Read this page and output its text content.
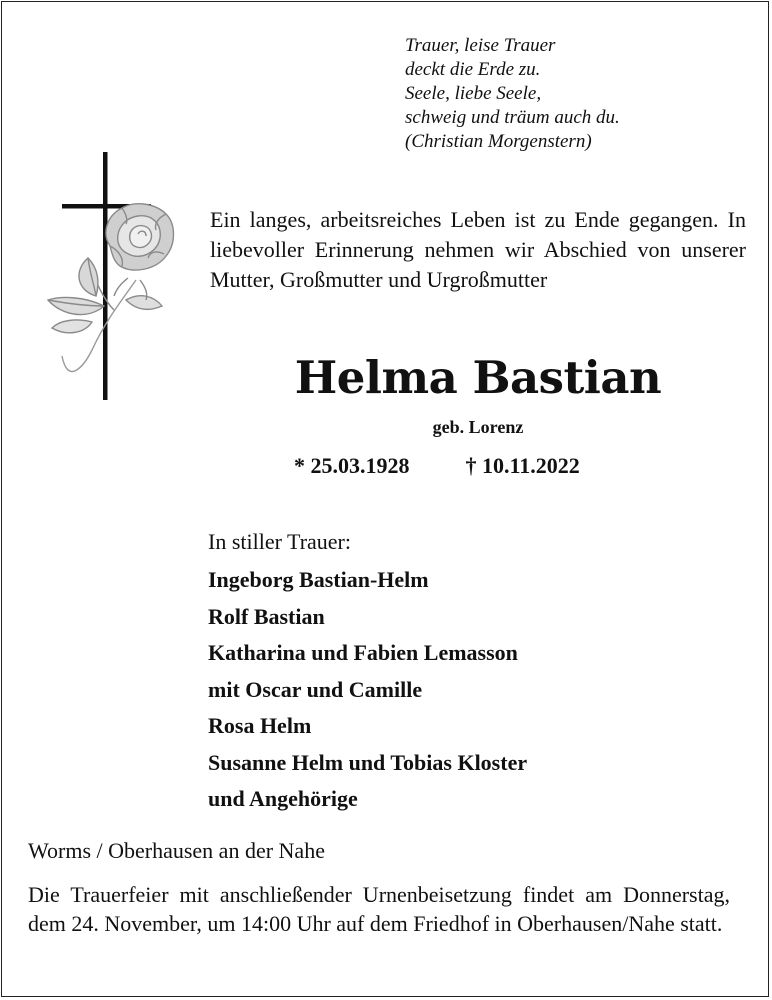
Trauer, leise Trauer
deckt die Erde zu.
Seele, liebe Seele,
schweig und träum auch du.
(Christian Morgenstern)
Ein langes, arbeitsreiches Leben ist zu Ende gegangen. In liebevoller Erinnerung nehmen wir Abschied von unserer Mutter, Großmutter und Urgroßmutter
Helma Bastian
geb. Lorenz
* 25.03.1928	† 10.11.2022
In stiller Trauer:
Ingeborg Bastian-Helm
Rolf Bastian
Katharina und Fabien Lemasson
mit Oscar und Camille
Rosa Helm
Susanne Helm und Tobias Kloster
und Angehörige
Worms / Oberhausen an der Nahe
Die Trauerfeier mit anschließender Urnenbeisetzung findet am Donnerstag, dem 24. November, um 14:00 Uhr auf dem Friedhof in Oberhausen/Nahe statt.
